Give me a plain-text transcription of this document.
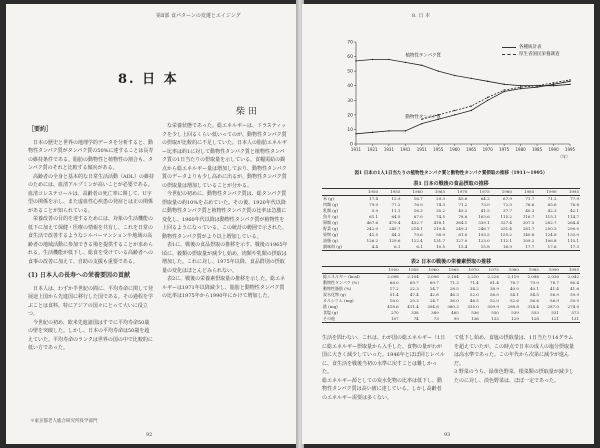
第Ⅱ部 食パターンの変遷とエイジング
8. 日 本
柴 田
［要約］

日本の歴史と世界の地理学的データを分析すると、動物性タンパク質がタンパク質の50%に達することは長寿の維持条件である。脂肪の動物性と植物性の割合も、タンパク質のそれと比較する傾向がある。

高齢者の全身と基本的な日常生活活動（ADL）の維持のためには、血清アルブミンが高いことが必要である。血清コレステロールは、高齢者の死亡率に関して、U字型の関係を示し、また虚血性心疾患の発症とは正の関係があることが知られている。

栄養改善の目的を達するためには、対象の生活機能の低下に加えて保健・医療の情報を共有し、これを日常の食生活で改善するようなシルバーマンションや地域の高齢者の地域活動に参加できる場を提供することが求められる。生活機能が低下し、総食を受けている高齢者への食事の改善に加えて、自助の支援も重要である。

(1) 日本人の長寿への栄養要因の貢献

日本人は、わずか半世紀の間に、平均寿命に関して発展途上国から先進国に移行した国である。その過程を学ぶことは食料、特にアジアの国々にとって大いに役立つ。

今世紀の初め、欧米先進諸国はすでに平均寿命50歳の壁を突破した。しかし、日本の平均寿命は50歳を超えていた。平均寿命のランクは世界の国の中で比較的に低い方であった。

な栄養状態であった。総エネルギーは、ドラスティックを少し上回るくらい低いってのが、動物性タンパク質の摂取が比較的に不足していた。日本人の脂肪エネルギー比率は約1に対して動物性タンパク質と植物性タンパク質の1日当たりの摂取量を示している。食糧需給の観点から総エネルギー量は増加しており、動物性タンパク質のデータよりも少し高めに出るが、動物性タンパク質の摂取量は増加していることが分かる。

今世紀の初めに、動物性タンパク質は、総タンパク質摂取量の約10%を占めていた。その後、1920年代以降に動物性タンパク質と植物性タンパク質の比率は急激に変化し、1960年代以降は動物性タンパク質が植物性を上回るようになっている。この統計の範囲で示された、動物性タンパク質がより以上増加している。

表1に、戦後の食品摂取の推移を示す。戦後の1965年頃に、穀類の摂取量が減少し始め、肉類や乳類の摂取は増加した。これに対し、1975年以降、食品群別の摂取量の変化はほとんどみられない。

表2に、戦後の栄養素摂取量の推移を示した。総エネルギーは1971年以降減少し、脂肪と動物性タンパク質の比率は1975年から1990年にかけて増加した。

＊東京都老人総合研究所疫学部門
92
8. 日 本
0
10
20
30
40
50
60
70
1911 1921 1931 1941 1951 1955 1960 1965 1970 1975 1980 1985 1990 1995
（年）
植物性タンパク質
動物性タンパク質
各種統計表
厚生省国民栄養調査
図1 日本の1人1日当たりの植物性タンパク質と動物性タンパク質摂取の推移（1911〜1995）
表1 日本の戦後の食品摂取の推移
	1950	1955	1960	1965	1970	1975	1980	1985	1990	1995
米 (g)	17.4	12.9	16.7	29.3	45.6	64.2	67.9	71.7	71.2	77.9
肉類 (g)	79.0	77.2	76.9	74.3	71.2	73.0	72.5	76.6	85.6	78.8
乳類 (g)	5.9	11.1	16.3	35.2	45.2	41.5	37.7	40.3	42.3	42.1
魚介 (g)	61.1	64.5	67.0	74.5	78.6	163.6	115.2	116.7	115.1	114.7
卵類 (g)	467.6	479.4	452.7	418.1	364.1	339.1	327.4	307.5	282.7	264.4
野菜 (g)	242.0	245.7	214.1	219.4	249.3	246.7	251.4	261.7	250.3	290.0
果物 (g)	41.5	44.3	79.6	58.9	81.0	193.5	155.2	140.6	124.8	133.0
油脂 (g)	126.2	129.6	122.4	131.7	127.0	123.0	112.1	109.2	106.8	115.1
調味料 (g)	4.4	6.1	6.1	10.5	15.4	15.8	16.9	17.7	17.6	17.3
表2 日本の戦後の栄養素摂取の推移
	1950	1955	1960	1965	1970	1975	1980	1985	1990	1995
総エネルギー (kcal)	2,098	2,104	2,096	2,184	2,210	2,226	2,119	2,088	2,026	2,042
動物性タンパク (%)	68.0	69.7	69.7	71.3	71.4	81.4	78.7	79.0	78.7	80.4
動物性脂肪 (%)	17.2	22.3	24.7	28.5	34.2	38.9	40.0	40.1	41.4	41.6
炭水化物 (g)	51.4	47.4	42.8	46.3	52.0	56.0	54.1	54.5	56.9	59.9
カルシウム (mg)	18.0	20.3	24.7	36.0	46.5	52.0	52.6	56.6	56.9	59.9
鉄 (mg)	418.6	411.4	394.8	380.3	335.0	309.9	298.8	314.4	287.0	274.0
食塩 (g)	270	338	389	465	536	550	539	553	531	573
その他	107	74	73	99	136	133	129	128	121	131

生活を問わない。これは、わが国の総エネルギー（1日に総エネルギー摂取量から入手した、食物の量がわが国に大きく減少していった。1946年とほぼ同じレベルに、食生活を戦後当初の水準に戻すことは難しかった。

総エネルギー源としての炭水化物の比率は低下し、動物性タンパク質は高い値に達している。しかし高齢者のエネルギー需要は多くない。

て低下し始め、食塩の摂取量は、1日当たり14グラムを超えていたが、この時点で日本の成人の塩分摂取量は高水準であった。この年代から次第に減少が進んだ。

3 野菜のうち、緑黄色野菜、根菜類の摂取量が減少したのに対し、淡色野菜は、ほぼ一定であった。

93
